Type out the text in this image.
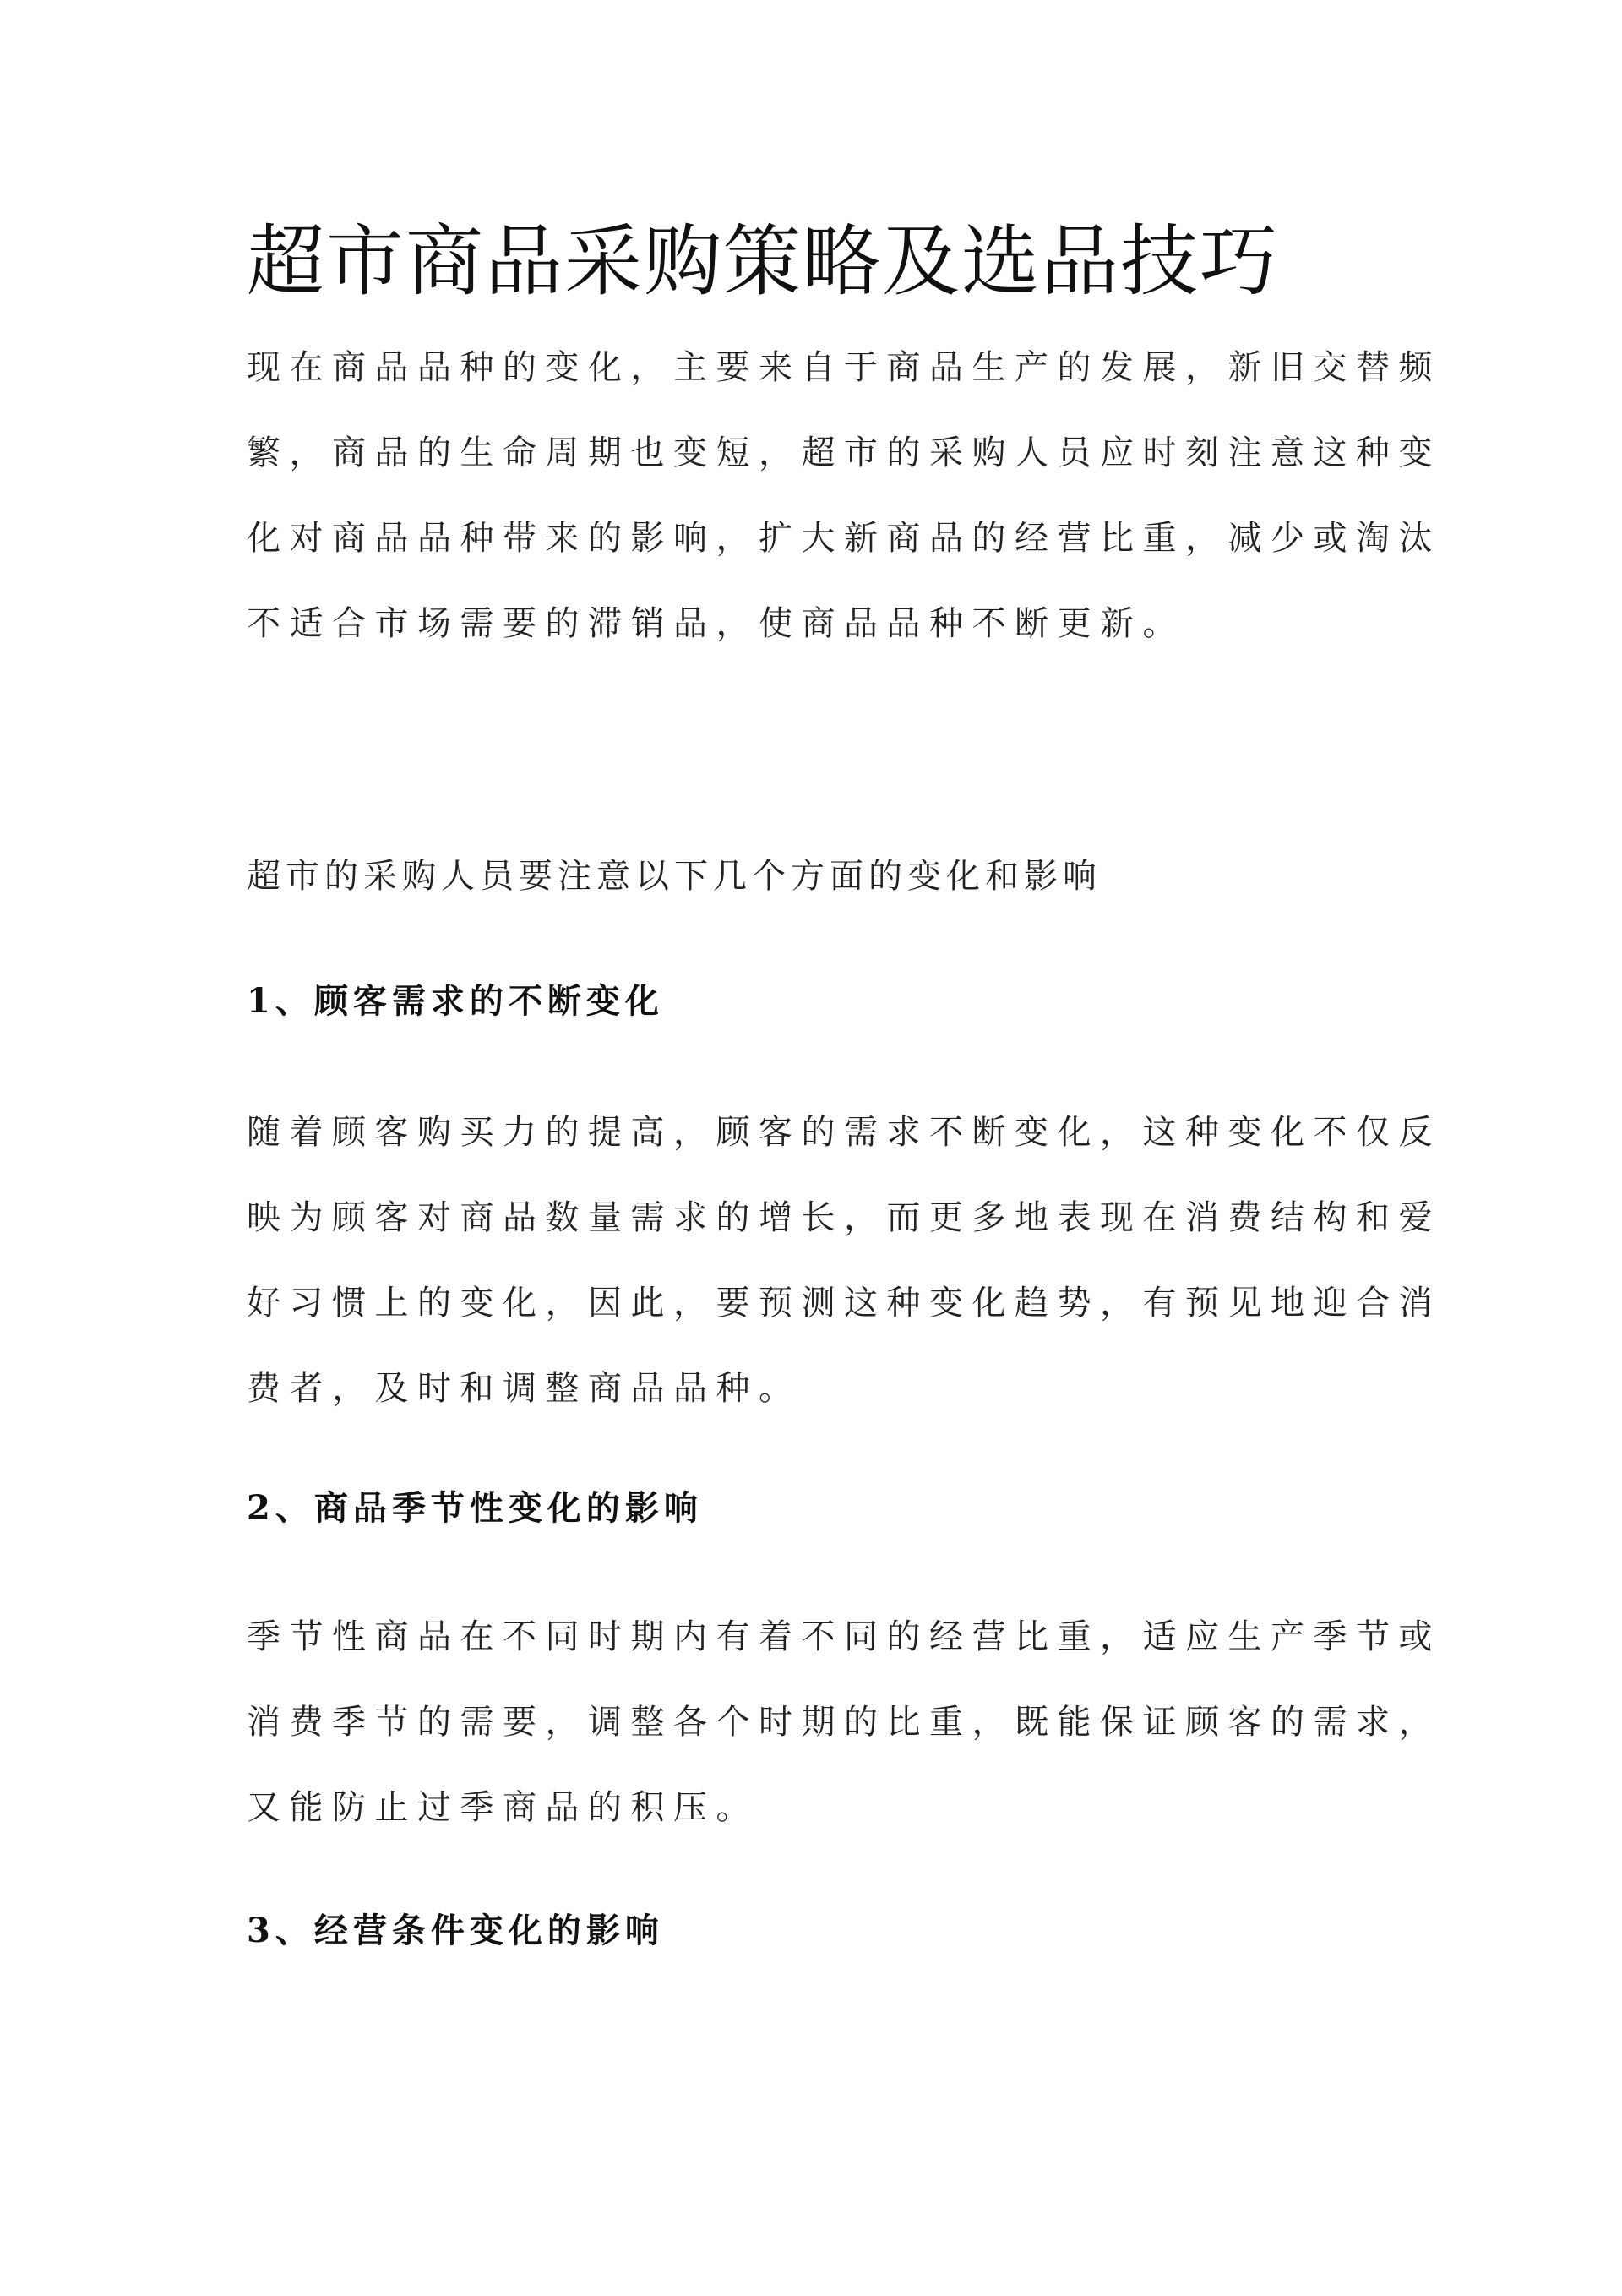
超市商品采购策略及选品技巧

现在商品品种的变化，主要来自于商品生产的发展，新旧交替频
繁，商品的生命周期也变短，超市的采购人员应时刻注意这种变
化对商品品种带来的影响，扩大新商品的经营比重，减少或淘汰
不适合市场需要的滞销品，使商品品种不断更新。

超市的采购人员要注意以下几个方面的变化和影响

1、顾客需求的不断变化

随着顾客购买力的提高，顾客的需求不断变化，这种变化不仅反
映为顾客对商品数量需求的增长，而更多地表现在消费结构和爱
好习惯上的变化，因此，要预测这种变化趋势，有预见地迎合消
费者，及时和调整商品品种。

2、商品季节性变化的影响

季节性商品在不同时期内有着不同的经营比重，适应生产季节或
消费季节的需要，调整各个时期的比重，既能保证顾客的需求，
又能防止过季商品的积压。

3、经营条件变化的影响
